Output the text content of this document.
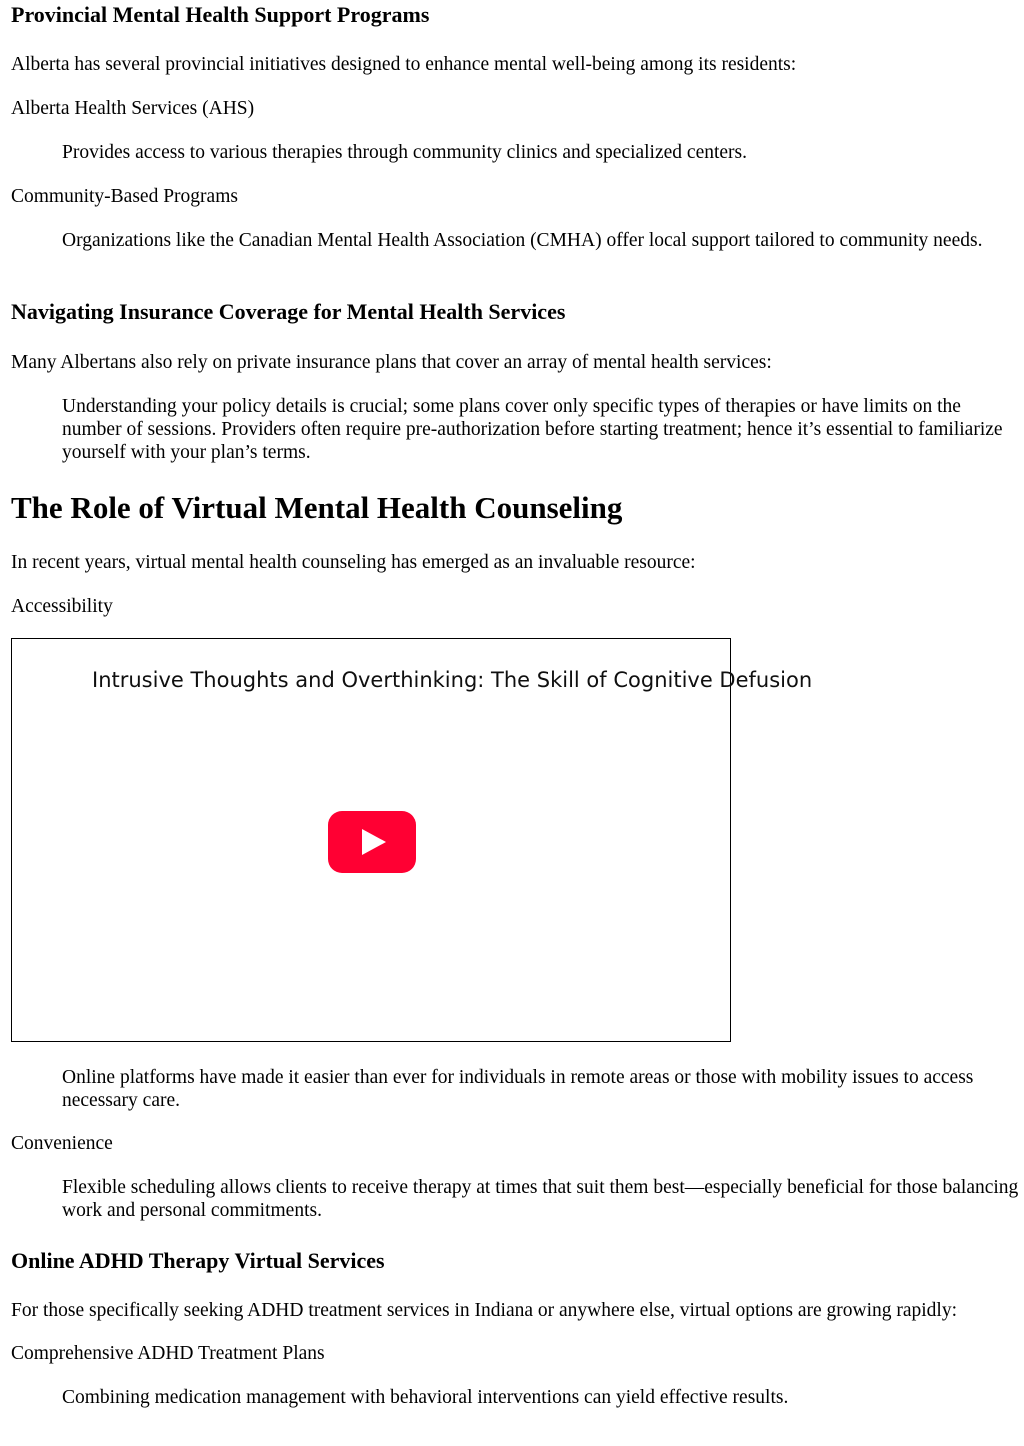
Provincial Mental Health Support Programs

Alberta has several provincial initiatives designed to enhance mental well-being among its residents:

Alberta Health Services (AHS)
Provides access to various therapies through community clinics and specialized centers.
Community-Based Programs
Organizations like the Canadian Mental Health Association (CMHA) offer local support tailored to community needs.
Navigating Insurance Coverage for Mental Health Services

Many Albertans also rely on private insurance plans that cover an array of mental health services:

Understanding your policy details is crucial; some plans cover only specific types of therapies or have limits on the number of sessions. Providers often require pre-authorization before starting treatment; hence it’s essential to familiarize yourself with your plan’s terms.
The Role of Virtual Mental Health Counseling

In recent years, virtual mental health counseling has emerged as an invaluable resource:

Accessibility
Intrusive Thoughts and Overthinking: The Skill of Cognitive Defusion
Online platforms have made it easier than ever for individuals in remote areas or those with mobility issues to access necessary care.
Convenience
Flexible scheduling allows clients to receive therapy at times that suit them best—especially beneficial for those balancing work and personal commitments.
Online ADHD Therapy Virtual Services

For those specifically seeking ADHD treatment services in Indiana or anywhere else, virtual options are growing rapidly:

Comprehensive ADHD Treatment Plans
Combining medication management with behavioral interventions can yield effective results.
